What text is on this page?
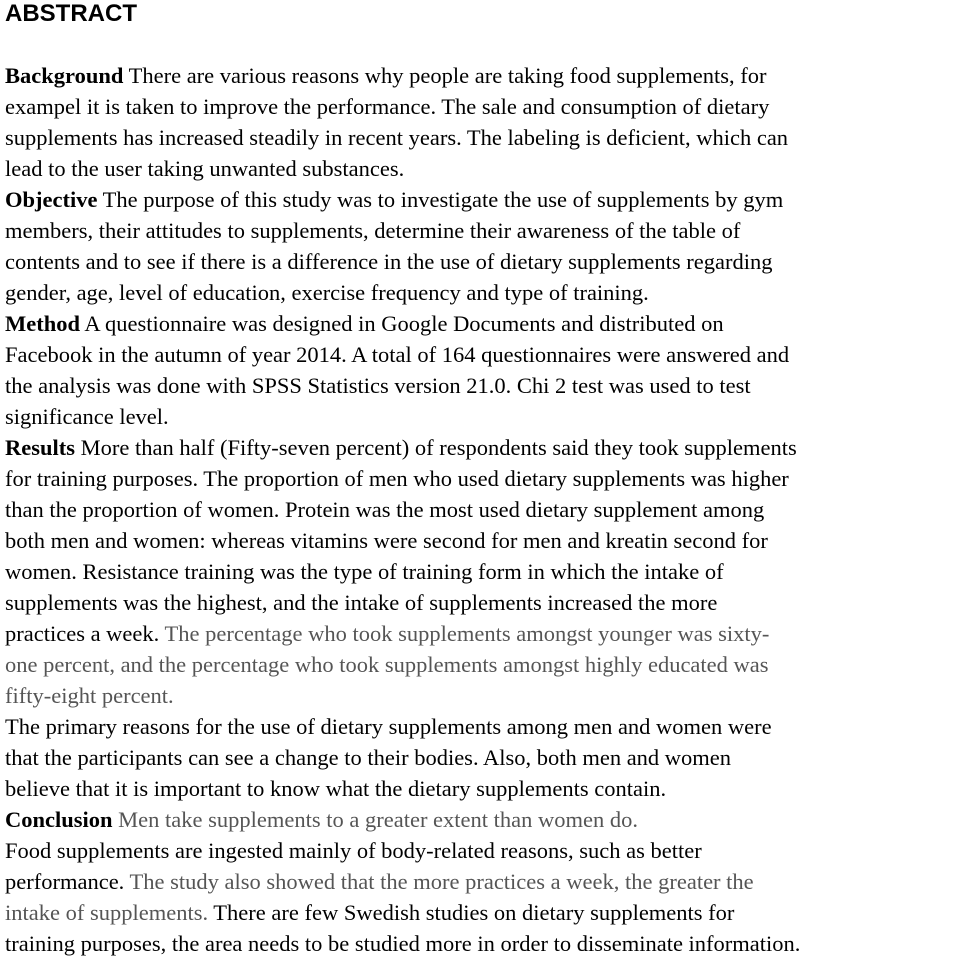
ABSTRACT
Background There are various reasons why people are taking food supplements, for
exampel it is taken to improve the performance. The sale and consumption of dietary
supplements has increased steadily in recent years. The labeling is deficient, which can
lead to the user taking unwanted substances.
Objective The purpose of this study was to investigate the use of supplements by gym
members, their attitudes to supplements, determine their awareness of the table of
contents and to see if there is a difference in the use of dietary supplements regarding
gender, age, level of education, exercise frequency and type of training.
Method A questionnaire was designed in Google Documents and distributed on
Facebook in the autumn of year 2014. A total of 164 questionnaires were answered and
the analysis was done with SPSS Statistics version 21.0. Chi 2 test was used to test
significance level.
Results More than half (Fifty-seven percent) of respondents said they took supplements
for training purposes. The proportion of men who used dietary supplements was higher
than the proportion of women. Protein was the most used dietary supplement among
both men and women: whereas vitamins were second for men and kreatin second for
women. Resistance training was the type of training form in which the intake of
supplements was the highest, and the intake of supplements increased the more
practices a week. The percentage who took supplements amongst younger was sixty-
one percent, and the percentage who took supplements amongst highly educated was
fifty-eight percent.
The primary reasons for the use of dietary supplements among men and women were
that the participants can see a change to their bodies. Also, both men and women
believe that it is important to know what the dietary supplements contain.
Conclusion Men take supplements to a greater extent than women do.
Food supplements are ingested mainly of body-related reasons, such as better
performance. The study also showed that the more practices a week, the greater the
intake of supplements. There are few Swedish studies on dietary supplements for
training purposes, the area needs to be studied more in order to disseminate information.
